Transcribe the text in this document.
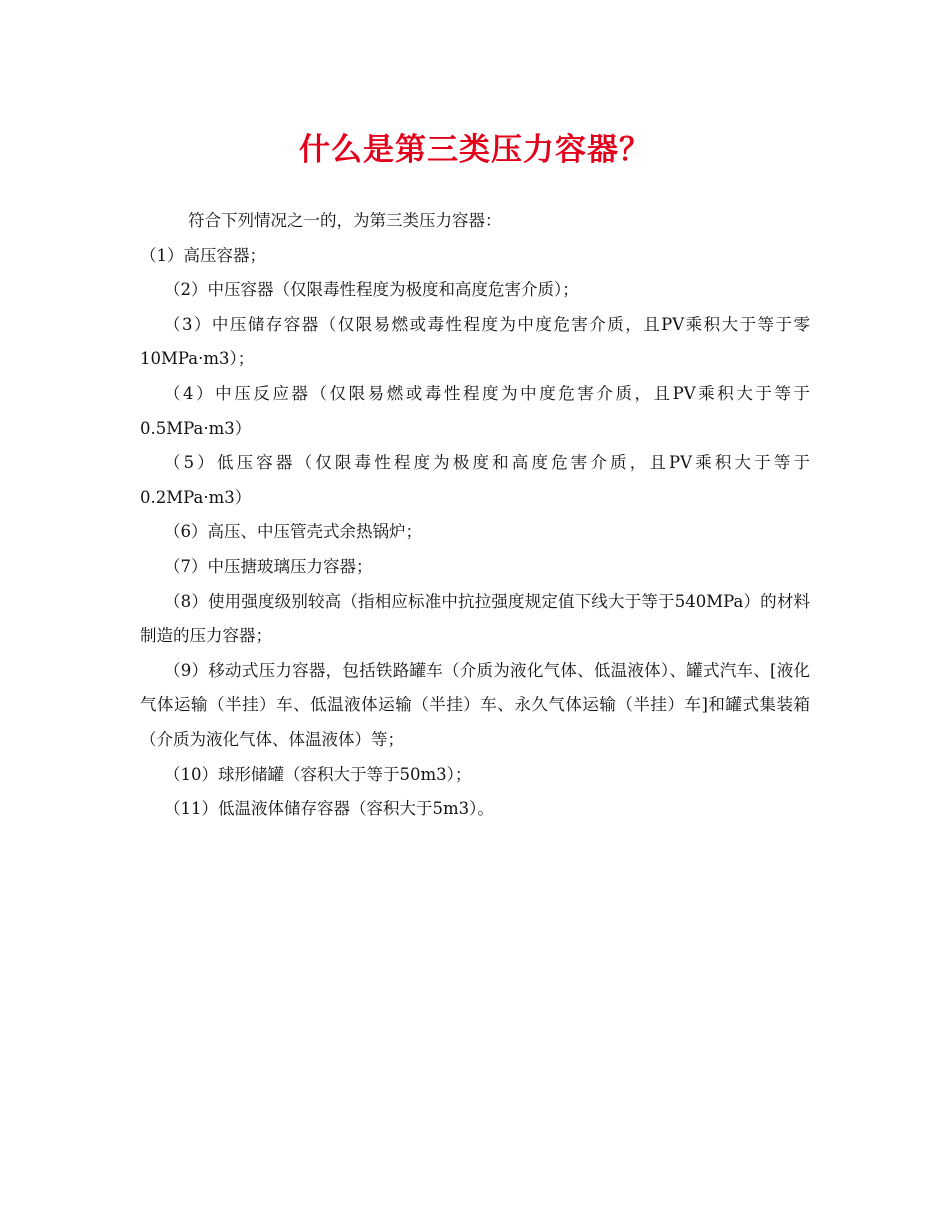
什么是第三类压力容器？

符合下列情况之一的，为第三类压力容器：

（1）高压容器；

（2）中压容器（仅限毒性程度为极度和高度危害介质）；

（3）中压储存容器（仅限易燃或毒性程度为中度危害介质，且PV乘积大于等于零10MPa·m3）；

（4）中压反应器（仅限易燃或毒性程度为中度危害介质，且PV乘积大于等于0.5MPa·m3）

（5）低压容器（仅限毒性程度为极度和高度危害介质，且PV乘积大于等于0.2MPa·m3）

（6）高压、中压管壳式余热锅炉；

（7）中压搪玻璃压力容器；

（8）使用强度级别较高（指相应标准中抗拉强度规定值下线大于等于540MPa）的材料制造的压力容器；

（9）移动式压力容器，包括铁路罐车（介质为液化气体、低温液体）、罐式汽车、[液化气体运输（半挂）车、低温液体运输（半挂）车、永久气体运输（半挂）车]和罐式集装箱（介质为液化气体、体温液体）等；

（10）球形储罐（容积大于等于50m3）；

（11）低温液体储存容器（容积大于5m3）。
